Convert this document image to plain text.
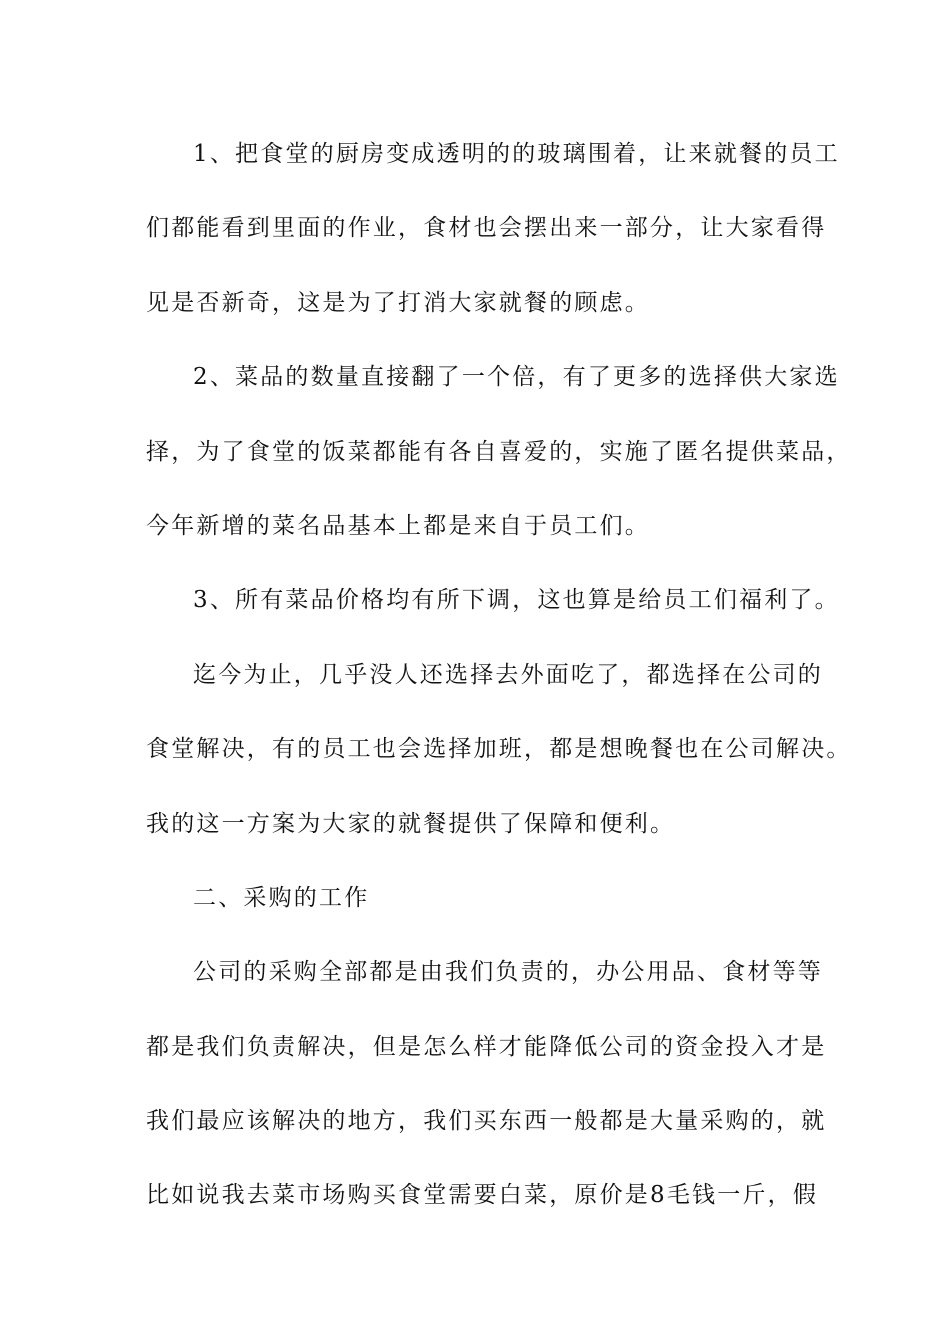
1、把食堂的厨房变成透明的的玻璃围着，让来就餐的员工
们都能看到里面的作业，食材也会摆出来一部分，让大家看得
见是否新奇，这是为了打消大家就餐的顾虑。
2、菜品的数量直接翻了一个倍，有了更多的选择供大家选
择，为了食堂的饭菜都能有各自喜爱的，实施了匿名提供菜品，
今年新增的菜名品基本上都是来自于员工们。
3、所有菜品价格均有所下调，这也算是给员工们福利了。
迄今为止，几乎没人还选择去外面吃了，都选择在公司的
食堂解决，有的员工也会选择加班，都是想晚餐也在公司解决。
我的这一方案为大家的就餐提供了保障和便利。
二、采购的工作
公司的采购全部都是由我们负责的，办公用品、食材等等
都是我们负责解决，但是怎么样才能降低公司的资金投入才是
我们最应该解决的地方，我们买东西一般都是大量采购的，就
比如说我去菜市场购买食堂需要白菜，原价是8毛钱一斤，假
